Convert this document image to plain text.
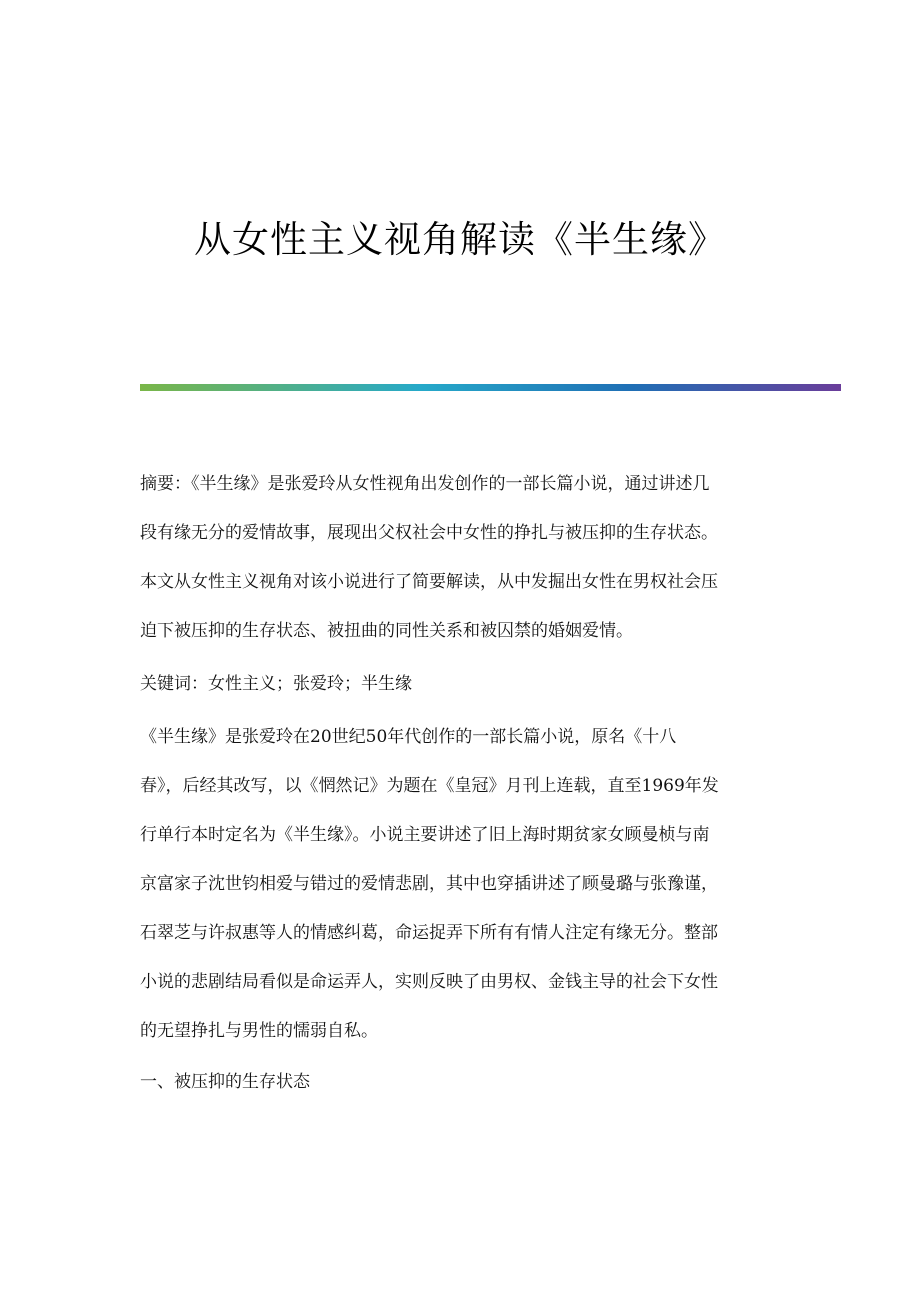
从女性主义视角解读《半生缘》
摘要：《半生缘》是张爱玲从女性视角出发创作的一部长篇小说，通过讲述几
段有缘无分的爱情故事，展现出父权社会中女性的挣扎与被压抑的生存状态。
本文从女性主义视角对该小说进行了简要解读，从中发掘出女性在男权社会压
迫下被压抑的生存状态、被扭曲的同性关系和被囚禁的婚姻爱情。
关键词：女性主义；张爱玲；半生缘
《半生缘》是张爱玲在20世纪50年代创作的一部长篇小说，原名《十八
春》，后经其改写，以《惘然记》为题在《皇冠》月刊上连载，直至1969年发
行单行本时定名为《半生缘》。小说主要讲述了旧上海时期贫家女顾曼桢与南
京富家子沈世钧相爱与错过的爱情悲剧，其中也穿插讲述了顾曼璐与张豫谨，
石翠芝与许叔惠等人的情感纠葛，命运捉弄下所有有情人注定有缘无分。整部
小说的悲剧结局看似是命运弄人，实则反映了由男权、金钱主导的社会下女性
的无望挣扎与男性的懦弱自私。
一、被压抑的生存状态
